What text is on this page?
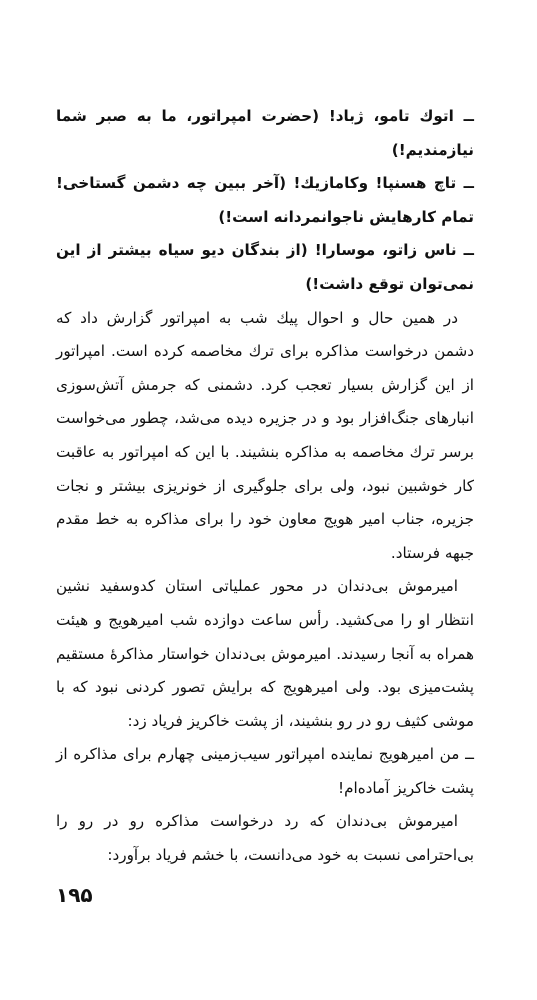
ــ اتوك تامو، ژباد! (حضرت امپراتور، ما به صبر شما نیازمندیم!)

ــ تاچ هسنپا! وكامازیك! (آخر ببین چه دشمن گستاخی! تمام كارهایش ناجوانمردانه است!)

ــ ناس زاتو، موسارا! (از بندگان دیو سیاه بیشتر از این نمی‌توان توقع داشت!)

در همین حال و احوال پیك شب به امپراتور گزارش داد كه دشمن درخواست مذاكره برای ترك مخاصمه كرده است. امپراتور از این گزارش بسیار تعجب كرد. دشمنی كه جرمش آتش‌سوزی انبارهای جنگ‌افزار بود و در جزیره دیده می‌شد، چطور می‌خواست برسر ترك مخاصمه به مذاكره بنشیند. با این كه امپراتور به عاقبت كار خوشبین نبود، ولی برای جلوگیری از خونریزی بیشتر و نجات جزیره، جناب امیر هویج معاون خود را برای مذاكره به خط مقدم جبهه فرستاد.

امیرموش بی‌دندان در محور عملیاتی استان كدوسفید نشین انتظار او را می‌كشید. رأس ساعت دوازده شب امیرهویج و هیئت همراه به آنجا رسیدند. امیرموش بی‌دندان خواستار مذاكرهٔ مستقیم پشت‌میزی بود. ولی امیرهویج كه برایش تصور كردنی نبود كه با موشی كثیف رو در رو بنشیند، از پشت خاكریز فریاد زد:

ــ من امیرهویج نماینده امپراتور سیب‌زمینی چهارم برای مذاكره از پشت خاكریز آماده‌ام!

امیرموش بی‌دندان كه رد درخواست مذاكره رو در رو را بی‌احترامی نسبت به خود می‌دانست، با خشم فریاد برآورد:

۱۹۵
